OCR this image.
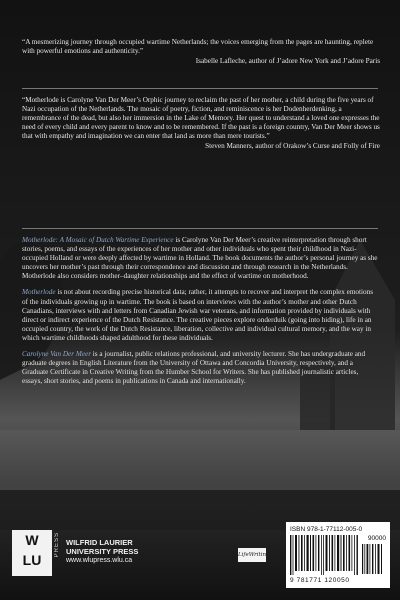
“A mesmerizing journey through occupied wartime Netherlands; the voices emerging from the pages are haunting, replete with powerful emotions and authenticity.”

Isabelle Lafleche, author of J’adore New York and J’adore Paris

“Motherlode is Carolyne Van Der Meer’s Orphic journey to reclaim the past of her mother, a child during the five years of Nazi occupation of the Netherlands. The mosaic of poetry, fiction, and reminiscence is her Dodenherdenking, a remembrance of the dead, but also her immersion in the Lake of Memory. Her quest to understand a loved one expresses the need of every child and every parent to know and to be remembered. If the past is a foreign country, Van Der Meer shows us that with empathy and imagination we can enter that land as more than mere tourists.”

Steven Manners, author of Orakow’s Curse and Folly of Fire

Motherlode: A Mosaic of Dutch Wartime Experience is Carolyne Van Der Meer’s creative reinterpretation through short stories, poems, and essays of the experiences of her mother and other individuals who spent their childhood in Nazi-occupied Holland or were deeply affected by wartime in Holland. The book documents the author’s personal journey as she uncovers her mother’s past through their correspondence and discussion and through research in the Netherlands. Motherlode also considers mother–daughter relationships and the effect of wartime on motherhood.

Motherlode is not about recording precise historical data; rather, it attempts to recover and interpret the complex emotions of the individuals growing up in wartime. The book is based on interviews with the author’s mother and other Dutch Canadians, interviews with and letters from Canadian Jewish war veterans, and information provided by individuals with direct or indirect experience of the Dutch Resistance. The creative pieces explore onderduik (going into hiding), life in an occupied country, the work of the Dutch Resistance, liberation, collective and individual cultural memory, and the way in which wartime childhoods shaped adulthood for these individuals.

Carolyne Van Der Meer is a journalist, public relations professional, and university lecturer. She has undergraduate and graduate degrees in English Literature from the University of Ottawa and Concordia University, respectively, and a Graduate Certificate in Creative Writing from the Humber School for Writers. She has published journalistic articles, essays, short stories, and poems in publications in Canada and internationally.

W
LU
PRESS WILFRID LAURIER
UNIVERSITY PRESS
www.wlupress.wlu.ca
LifeWriting
ISBN 978-1-77112-005-0
90000
9 781771 120050
